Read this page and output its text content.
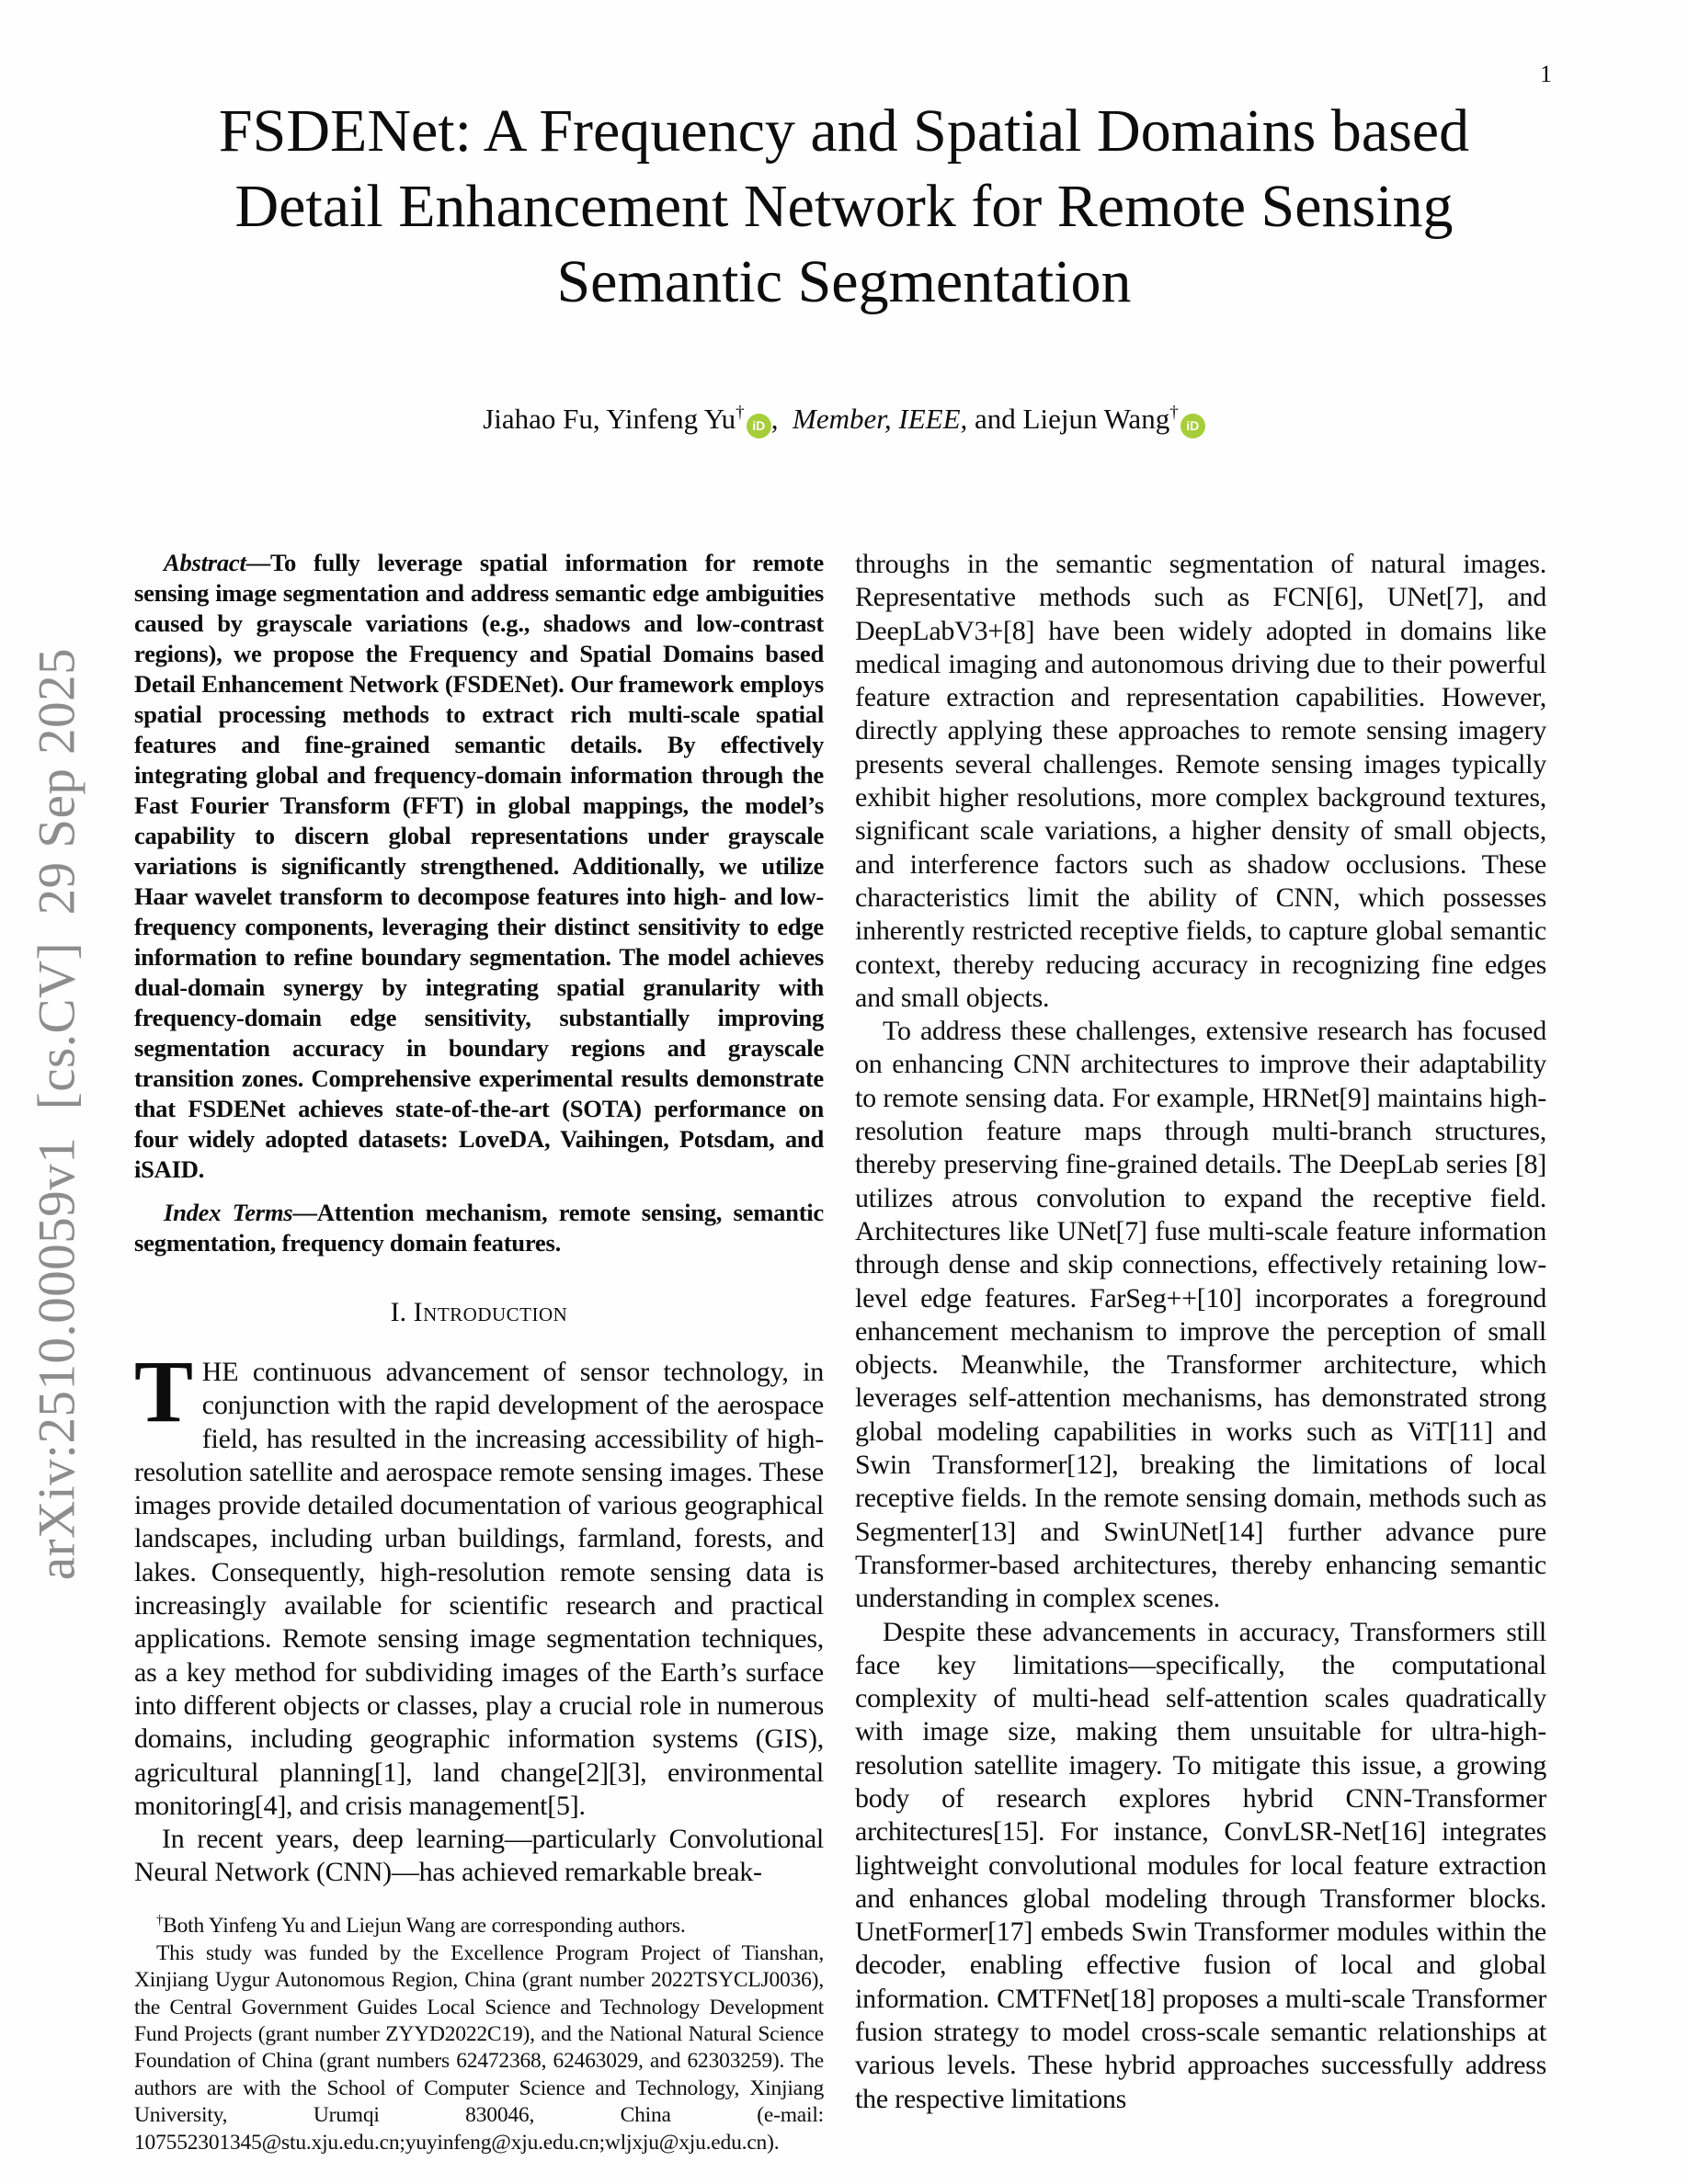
1
arXiv:2510.00059v1  [cs.CV]  29 Sep 2025
FSDENet: A Frequency and Spatial Domains based
Detail Enhancement Network for Remote Sensing
Semantic Segmentation
Jiahao Fu, Yinfeng Yu†
iD , Member, IEEE, and Liejun Wang†
iD

Abstract—To fully leverage spatial information for remote sensing image segmentation and address semantic edge ambiguities caused by grayscale variations (e.g., shadows and low-contrast regions), we propose the Frequency and Spatial Domains based Detail Enhancement Network (FSDENet). Our framework employs spatial processing methods to extract rich multi-scale spatial features and fine-grained semantic details. By effectively integrating global and frequency-domain information through the Fast Fourier Transform (FFT) in global mappings, the model’s capability to discern global representations under grayscale variations is significantly strengthened. Additionally, we utilize Haar wavelet transform to decompose features into high- and low-frequency components, leveraging their distinct sensitivity to edge information to refine boundary segmentation. The model achieves dual-domain synergy by integrating spatial granularity with frequency-domain edge sensitivity, substantially improving segmentation accuracy in boundary regions and grayscale transition zones. Comprehensive experimental results demonstrate that FSDENet achieves state-of-the-art (SOTA) performance on four widely adopted datasets: LoveDA, Vaihingen, Potsdam, and iSAID.

Index Terms—Attention mechanism, remote sensing, semantic segmentation, frequency domain features.

I. Introduction

THE continuous advancement of sensor technology, in conjunction with the rapid development of the aerospace field, has resulted in the increasing accessibility of high-resolution satellite and aerospace remote sensing images. These images provide detailed documentation of various geographical landscapes, including urban buildings, farmland, forests, and lakes. Consequently, high-resolution remote sensing data is increasingly available for scientific research and practical applications. Remote sensing image segmentation techniques, as a key method for subdividing images of the Earth’s surface into different objects or classes, play a crucial role in numerous domains, including geographic information systems (GIS), agricultural planning[1], land change[2][3], environmental monitoring[4], and crisis management[5].

In recent years, deep learning—particularly Convolutional Neural Network (CNN)—has achieved remarkable break-

†Both Yinfeng Yu and Liejun Wang are corresponding authors.

This study was funded by the Excellence Program Project of Tianshan, Xinjiang Uygur Autonomous Region, China (grant number 2022TSYCLJ0036), the Central Government Guides Local Science and Technology Development Fund Projects (grant number ZYYD2022C19), and the National Natural Science Foundation of China (grant numbers 62472368, 62463029, and 62303259). The authors are with the School of Computer Science and Technology, Xinjiang University, Urumqi 830046, China (e-mail: 107552301345@stu.xju.edu.cn;yuyinfeng@xju.edu.cn;wljxju@xju.edu.cn).

throughs in the semantic segmentation of natural images. Representative methods such as FCN[6], UNet[7], and DeepLabV3+[8] have been widely adopted in domains like medical imaging and autonomous driving due to their powerful feature extraction and representation capabilities. However, directly applying these approaches to remote sensing imagery presents several challenges. Remote sensing images typically exhibit higher resolutions, more complex background textures, significant scale variations, a higher density of small objects, and interference factors such as shadow occlusions. These characteristics limit the ability of CNN, which possesses inherently restricted receptive fields, to capture global semantic context, thereby reducing accuracy in recognizing fine edges and small objects.

To address these challenges, extensive research has focused on enhancing CNN architectures to improve their adaptability to remote sensing data. For example, HRNet[9] maintains high-resolution feature maps through multi-branch structures, thereby preserving fine-grained details. The DeepLab series [8] utilizes atrous convolution to expand the receptive field. Architectures like UNet[7] fuse multi-scale feature information through dense and skip connections, effectively retaining low-level edge features. FarSeg++[10] incorporates a foreground enhancement mechanism to improve the perception of small objects. Meanwhile, the Transformer architecture, which leverages self-attention mechanisms, has demonstrated strong global modeling capabilities in works such as ViT[11] and Swin Transformer[12], breaking the limitations of local receptive fields. In the remote sensing domain, methods such as Segmenter[13] and SwinUNet[14] further advance pure Transformer-based architectures, thereby enhancing semantic understanding in complex scenes.

Despite these advancements in accuracy, Transformers still face key limitations—specifically, the computational complexity of multi-head self-attention scales quadratically with image size, making them unsuitable for ultra-high-resolution satellite imagery. To mitigate this issue, a growing body of research explores hybrid CNN-Transformer architectures[15]. For instance, ConvLSR-Net[16] integrates lightweight convolutional modules for local feature extraction and enhances global modeling through Transformer blocks. UnetFormer[17] embeds Swin Transformer modules within the decoder, enabling effective fusion of local and global information. CMTFNet[18] proposes a multi-scale Transformer fusion strategy to model cross-scale semantic relationships at various levels. These hybrid approaches successfully address the respective limitations
